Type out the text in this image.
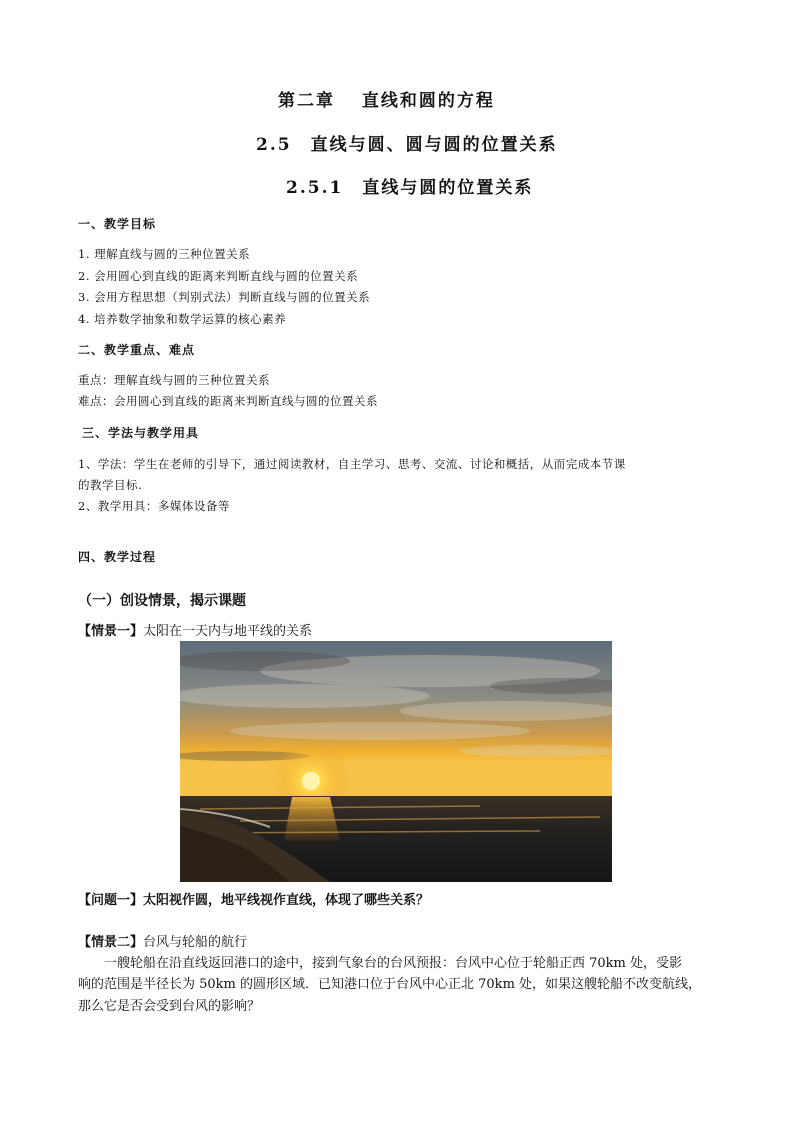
第二章　 直线和圆的方程
2.5　直线与圆、圆与圆的位置关系
2.5.1　直线与圆的位置关系
一、教学目标
1. 理解直线与圆的三种位置关系
2. 会用圆心到直线的距离来判断直线与圆的位置关系
3. 会用方程思想（判别式法）判断直线与圆的位置关系
4. 培养数学抽象和数学运算的核心素养
二、教学重点、难点
重点：理解直线与圆的三种位置关系
难点：会用圆心到直线的距离来判断直线与圆的位置关系
三、学法与教学用具
1、学法：学生在老师的引导下，通过阅读教材，自主学习、思考、交流、讨论和概括，从而完成本节课
的教学目标.
2、教学用具：多媒体设备等
四、教学过程
（一）创设情景，揭示课题
【情景一】太阳在一天内与地平线的关系
【问题一】太阳视作圆，地平线视作直线，体现了哪些关系？
【情景二】台风与轮船的航行
一艘轮船在沿直线返回港口的途中，接到气象台的台风预报：台风中心位于轮船正西 70km 处，受影
响的范围是半径长为 50km 的圆形区域．已知港口位于台风中心正北 70km 处，如果这艘轮船不改变航线，
那么它是否会受到台风的影响？
